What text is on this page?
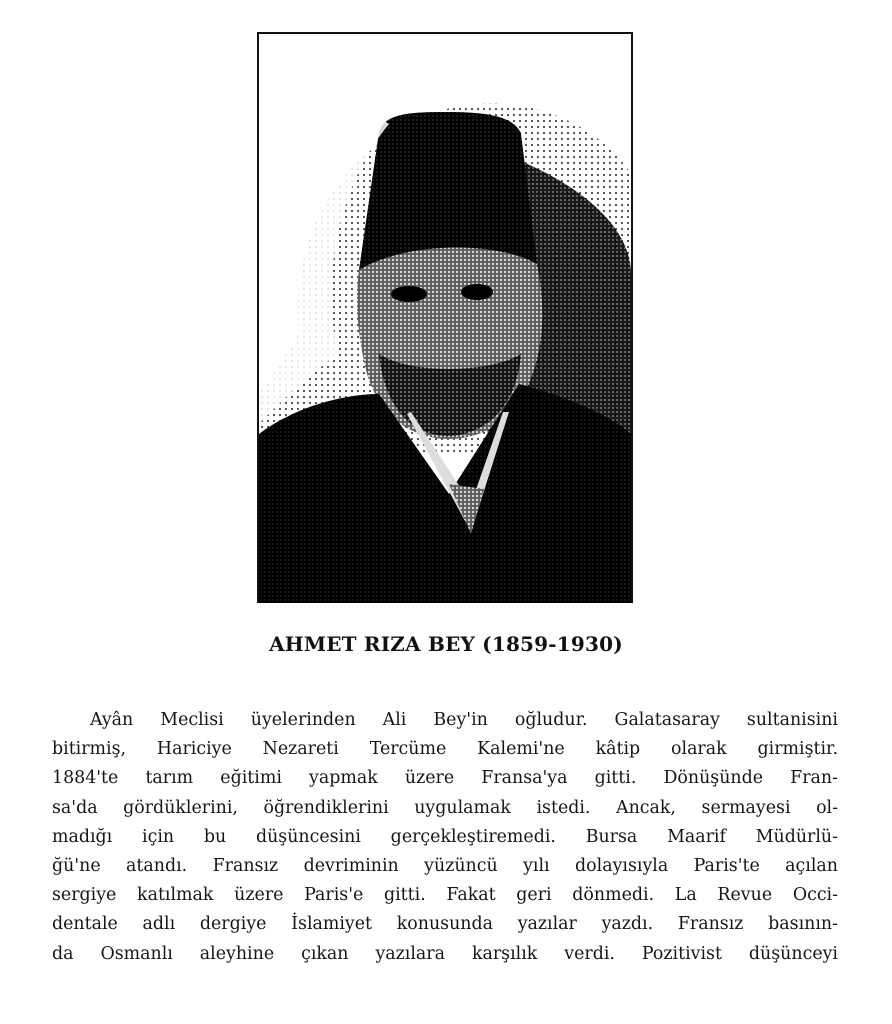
AHMET RIZA BEY (1859-1930)
Ayân Meclisi üyelerinden Ali Bey'in oğludur. Galatasaray sultanisini
bitirmiş, Hariciye Nezareti Tercüme Kalemi'ne kâtip olarak girmiştir.
1884'te tarım eğitimi yapmak üzere Fransa'ya gitti. Dönüşünde Fran-
sa'da gördüklerini, öğrendiklerini uygulamak istedi. Ancak, sermayesi ol-
madığı için bu düşüncesini gerçekleştiremedi. Bursa Maarif Müdürlü-
ğü'ne atandı. Fransız devriminin yüzüncü yılı dolayısıyla Paris'te açılan
sergiye katılmak üzere Paris'e gitti. Fakat geri dönmedi. La Revue Occi-
dentale adlı dergiye İslamiyet konusunda yazılar yazdı. Fransız basının-
da Osmanlı aleyhine çıkan yazılara karşılık verdi. Pozitivist düşünceyi
